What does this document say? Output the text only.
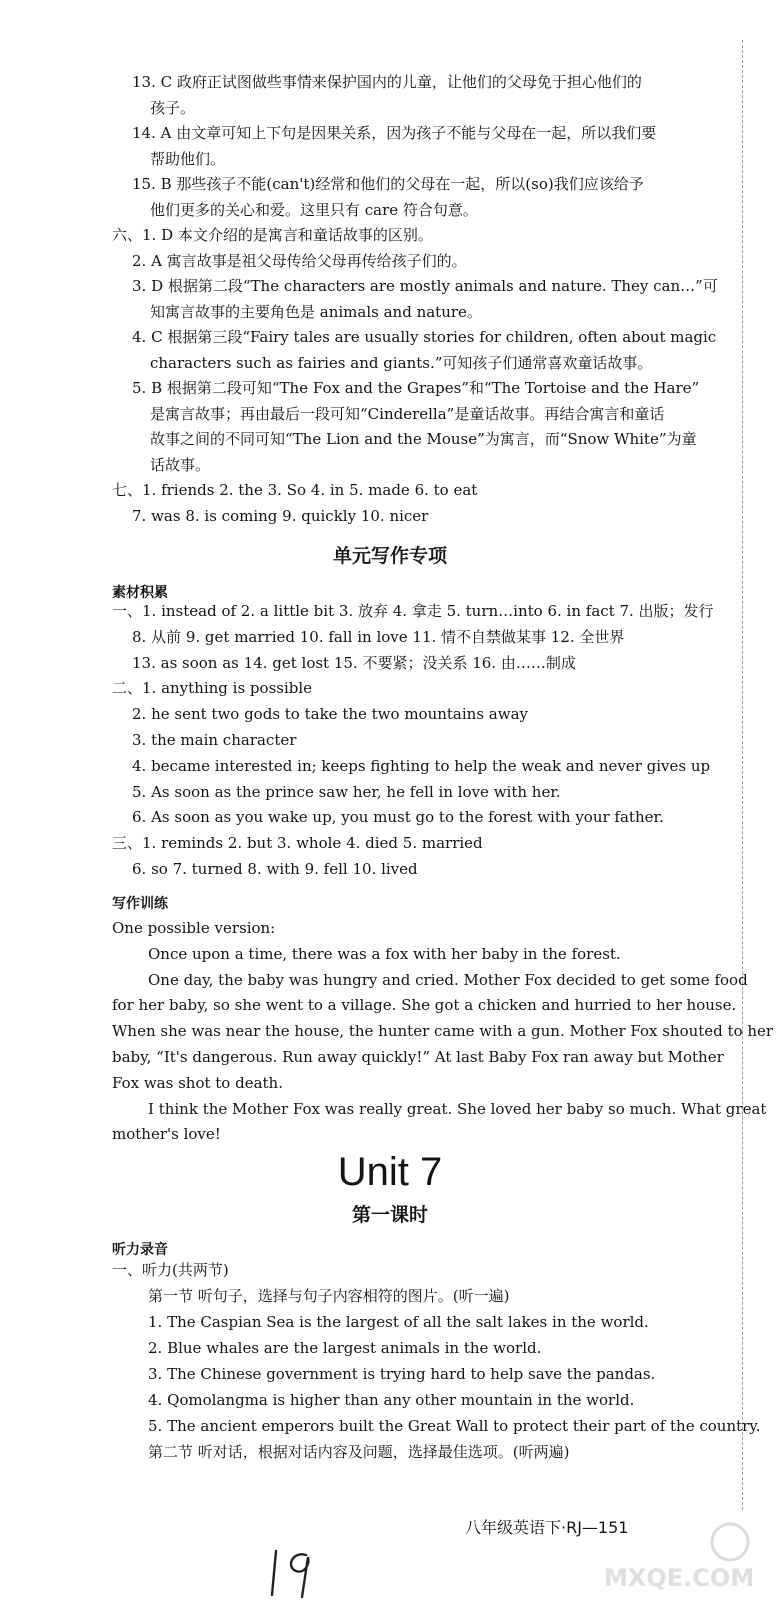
13. C 政府正试图做些事情来保护国内的儿童，让他们的父母免于担心他们的
孩子。
14. A 由文章可知上下句是因果关系，因为孩子不能与父母在一起，所以我们要
帮助他们。
15. B 那些孩子不能(can't)经常和他们的父母在一起，所以(so)我们应该给予
他们更多的关心和爱。这里只有 care 符合句意。
六、1. D 本文介绍的是寓言和童话故事的区别。
2. A 寓言故事是祖父母传给父母再传给孩子们的。
3. D 根据第二段“The characters are mostly animals and nature. They can…”可
知寓言故事的主要角色是 animals and nature。
4. C 根据第三段“Fairy tales are usually stories for children, often about magic
characters such as fairies and giants.”可知孩子们通常喜欢童话故事。
5. B 根据第二段可知“The Fox and the Grapes”和“The Tortoise and the Hare”
是寓言故事；再由最后一段可知“Cinderella”是童话故事。再结合寓言和童话
故事之间的不同可知“The Lion and the Mouse”为寓言，而“Snow White”为童
话故事。
七、1. friends 2. the 3. So 4. in 5. made 6. to eat
7. was 8. is coming 9. quickly 10. nicer
单元写作专项
素材积累
一、1. instead of 2. a little bit 3. 放弃 4. 拿走 5. turn…into 6. in fact 7. 出版；发行
8. 从前 9. get married 10. fall in love 11. 情不自禁做某事 12. 全世界
13. as soon as 14. get lost 15. 不要紧；没关系 16. 由……制成
二、1. anything is possible
2. he sent two gods to take the two mountains away
3. the main character
4. became interested in; keeps fighting to help the weak and never gives up
5. As soon as the prince saw her, he fell in love with her.
6. As soon as you wake up, you must go to the forest with your father.
三、1. reminds 2. but 3. whole 4. died 5. married
6. so 7. turned 8. with 9. fell 10. lived
写作训练
One possible version:
Once upon a time, there was a fox with her baby in the forest.
One day, the baby was hungry and cried. Mother Fox decided to get some food
for her baby, so she went to a village. She got a chicken and hurried to her house.
When she was near the house, the hunter came with a gun. Mother Fox shouted to her
baby, “It's dangerous. Run away quickly!” At last Baby Fox ran away but Mother
Fox was shot to death.
I think the Mother Fox was really great. She loved her baby so much. What great
mother's love!
Unit 7
第一课时
听力录音
一、听力(共两节)
第一节 听句子，选择与句子内容相符的图片。(听一遍)
1. The Caspian Sea is the largest of all the salt lakes in the world.
2. Blue whales are the largest animals in the world.
3. The Chinese government is trying hard to help save the pandas.
4. Qomolangma is higher than any other mountain in the world.
5. The ancient emperors built the Great Wall to protect their part of the country.
第二节 听对话，根据对话内容及问题，选择最佳选项。(听两遍)
八年级英语下·RJ—151
MXQE.COM
